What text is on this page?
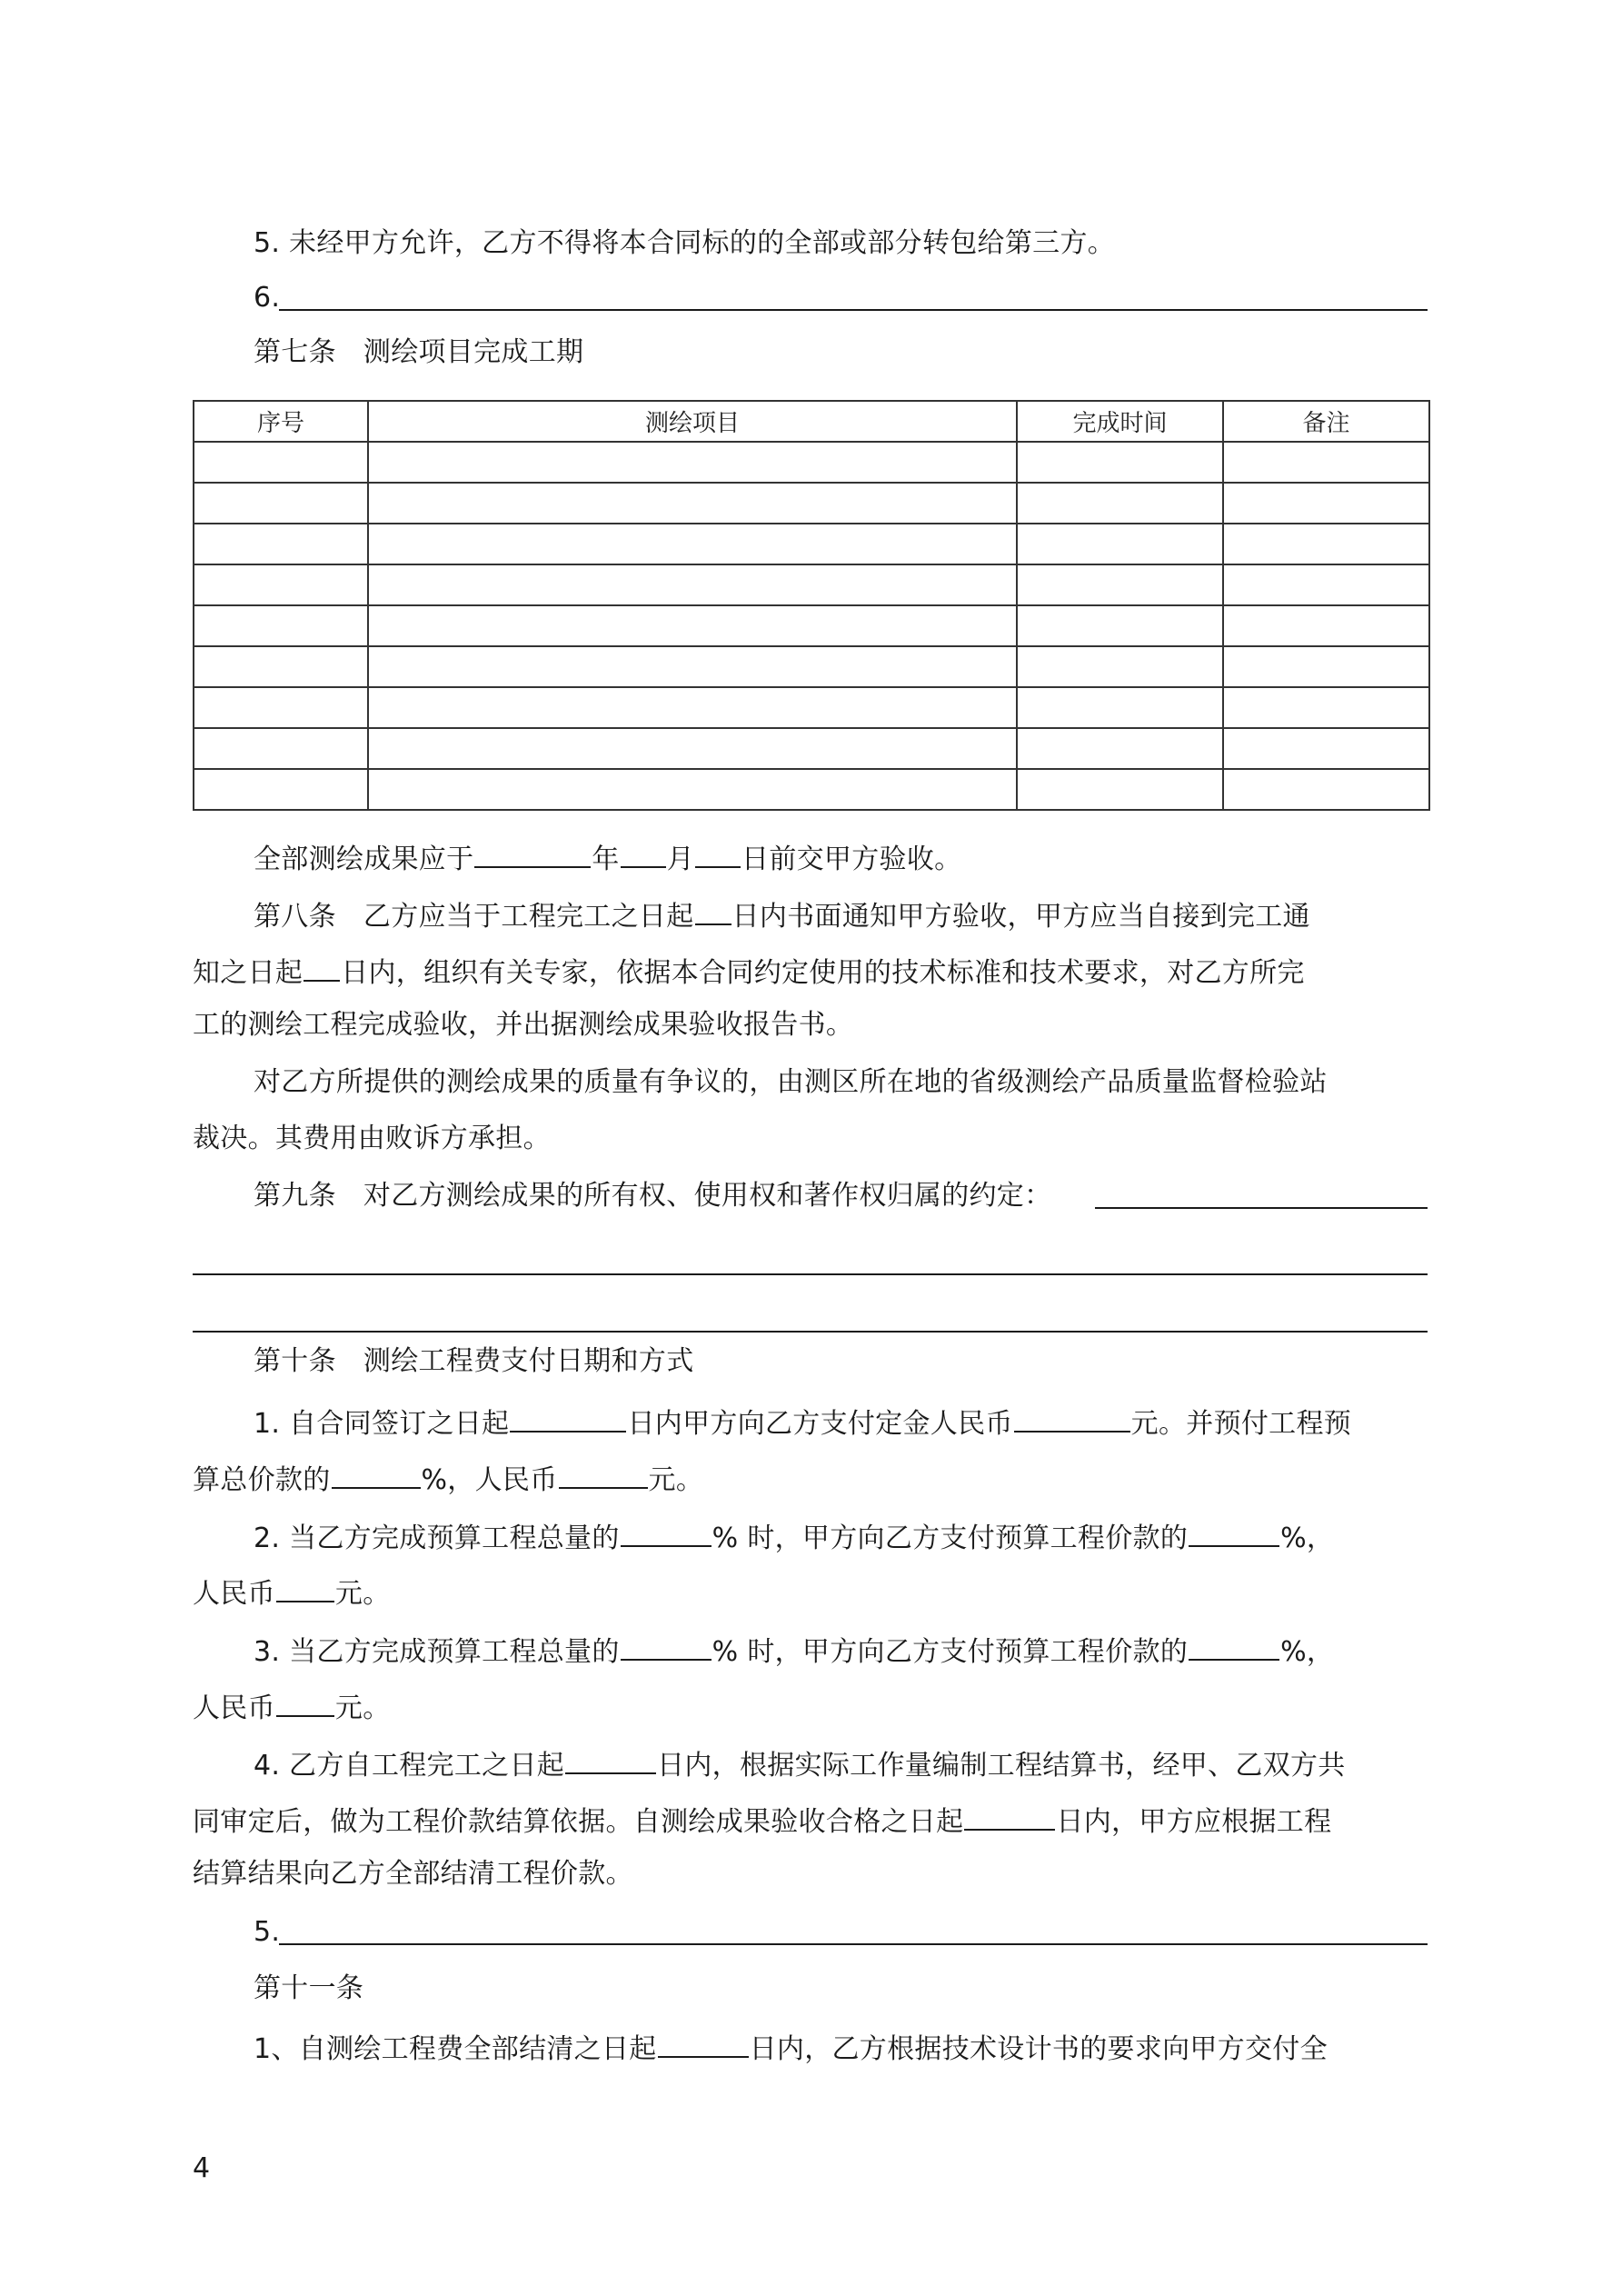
5. 未经甲方允许，乙方不得将本合同标的的全部或部分转包给第三方。
6.
第七条 测绘项目完成工期
序号	测绘项目	完成时间	备注

全部测绘成果应于	年 月 日前交甲方验收。
第八条 乙方应当于工程完工之日起 日内书面通知甲方验收，甲方应当自接到完工通
知之日起 日内，组织有关专家，依据本合同约定使用的技术标准和技术要求，对乙方所完
工的测绘工程完成验收，并出据测绘成果验收报告书。
对乙方所提供的测绘成果的质量有争议的，由测区所在地的省级测绘产品质量监督检验站
裁决。其费用由败诉方承担。
第九条 对乙方测绘成果的所有权、使用权和著作权归属的约定：
第十条 测绘工程费支付日期和方式
1. 自合同签订之日起	日内甲方向乙方支付定金人民币	元。并预付工程预
算总价款的	%，人民币	元。
2. 当乙方完成预算工程总量的	% 时，甲方向乙方支付预算工程价款的	%，
人民币 元。
3. 当乙方完成预算工程总量的	% 时，甲方向乙方支付预算工程价款的	%，
人民币 元。
4. 乙方自工程完工之日起	日内，根据实际工作量编制工程结算书，经甲、乙双方共
同审定后，做为工程价款结算依据。自测绘成果验收合格之日起	日内，甲方应根据工程
结算结果向乙方全部结清工程价款。
5.
第十一条
1、自测绘工程费全部结清之日起	日内，乙方根据技术设计书的要求向甲方交付全
4
